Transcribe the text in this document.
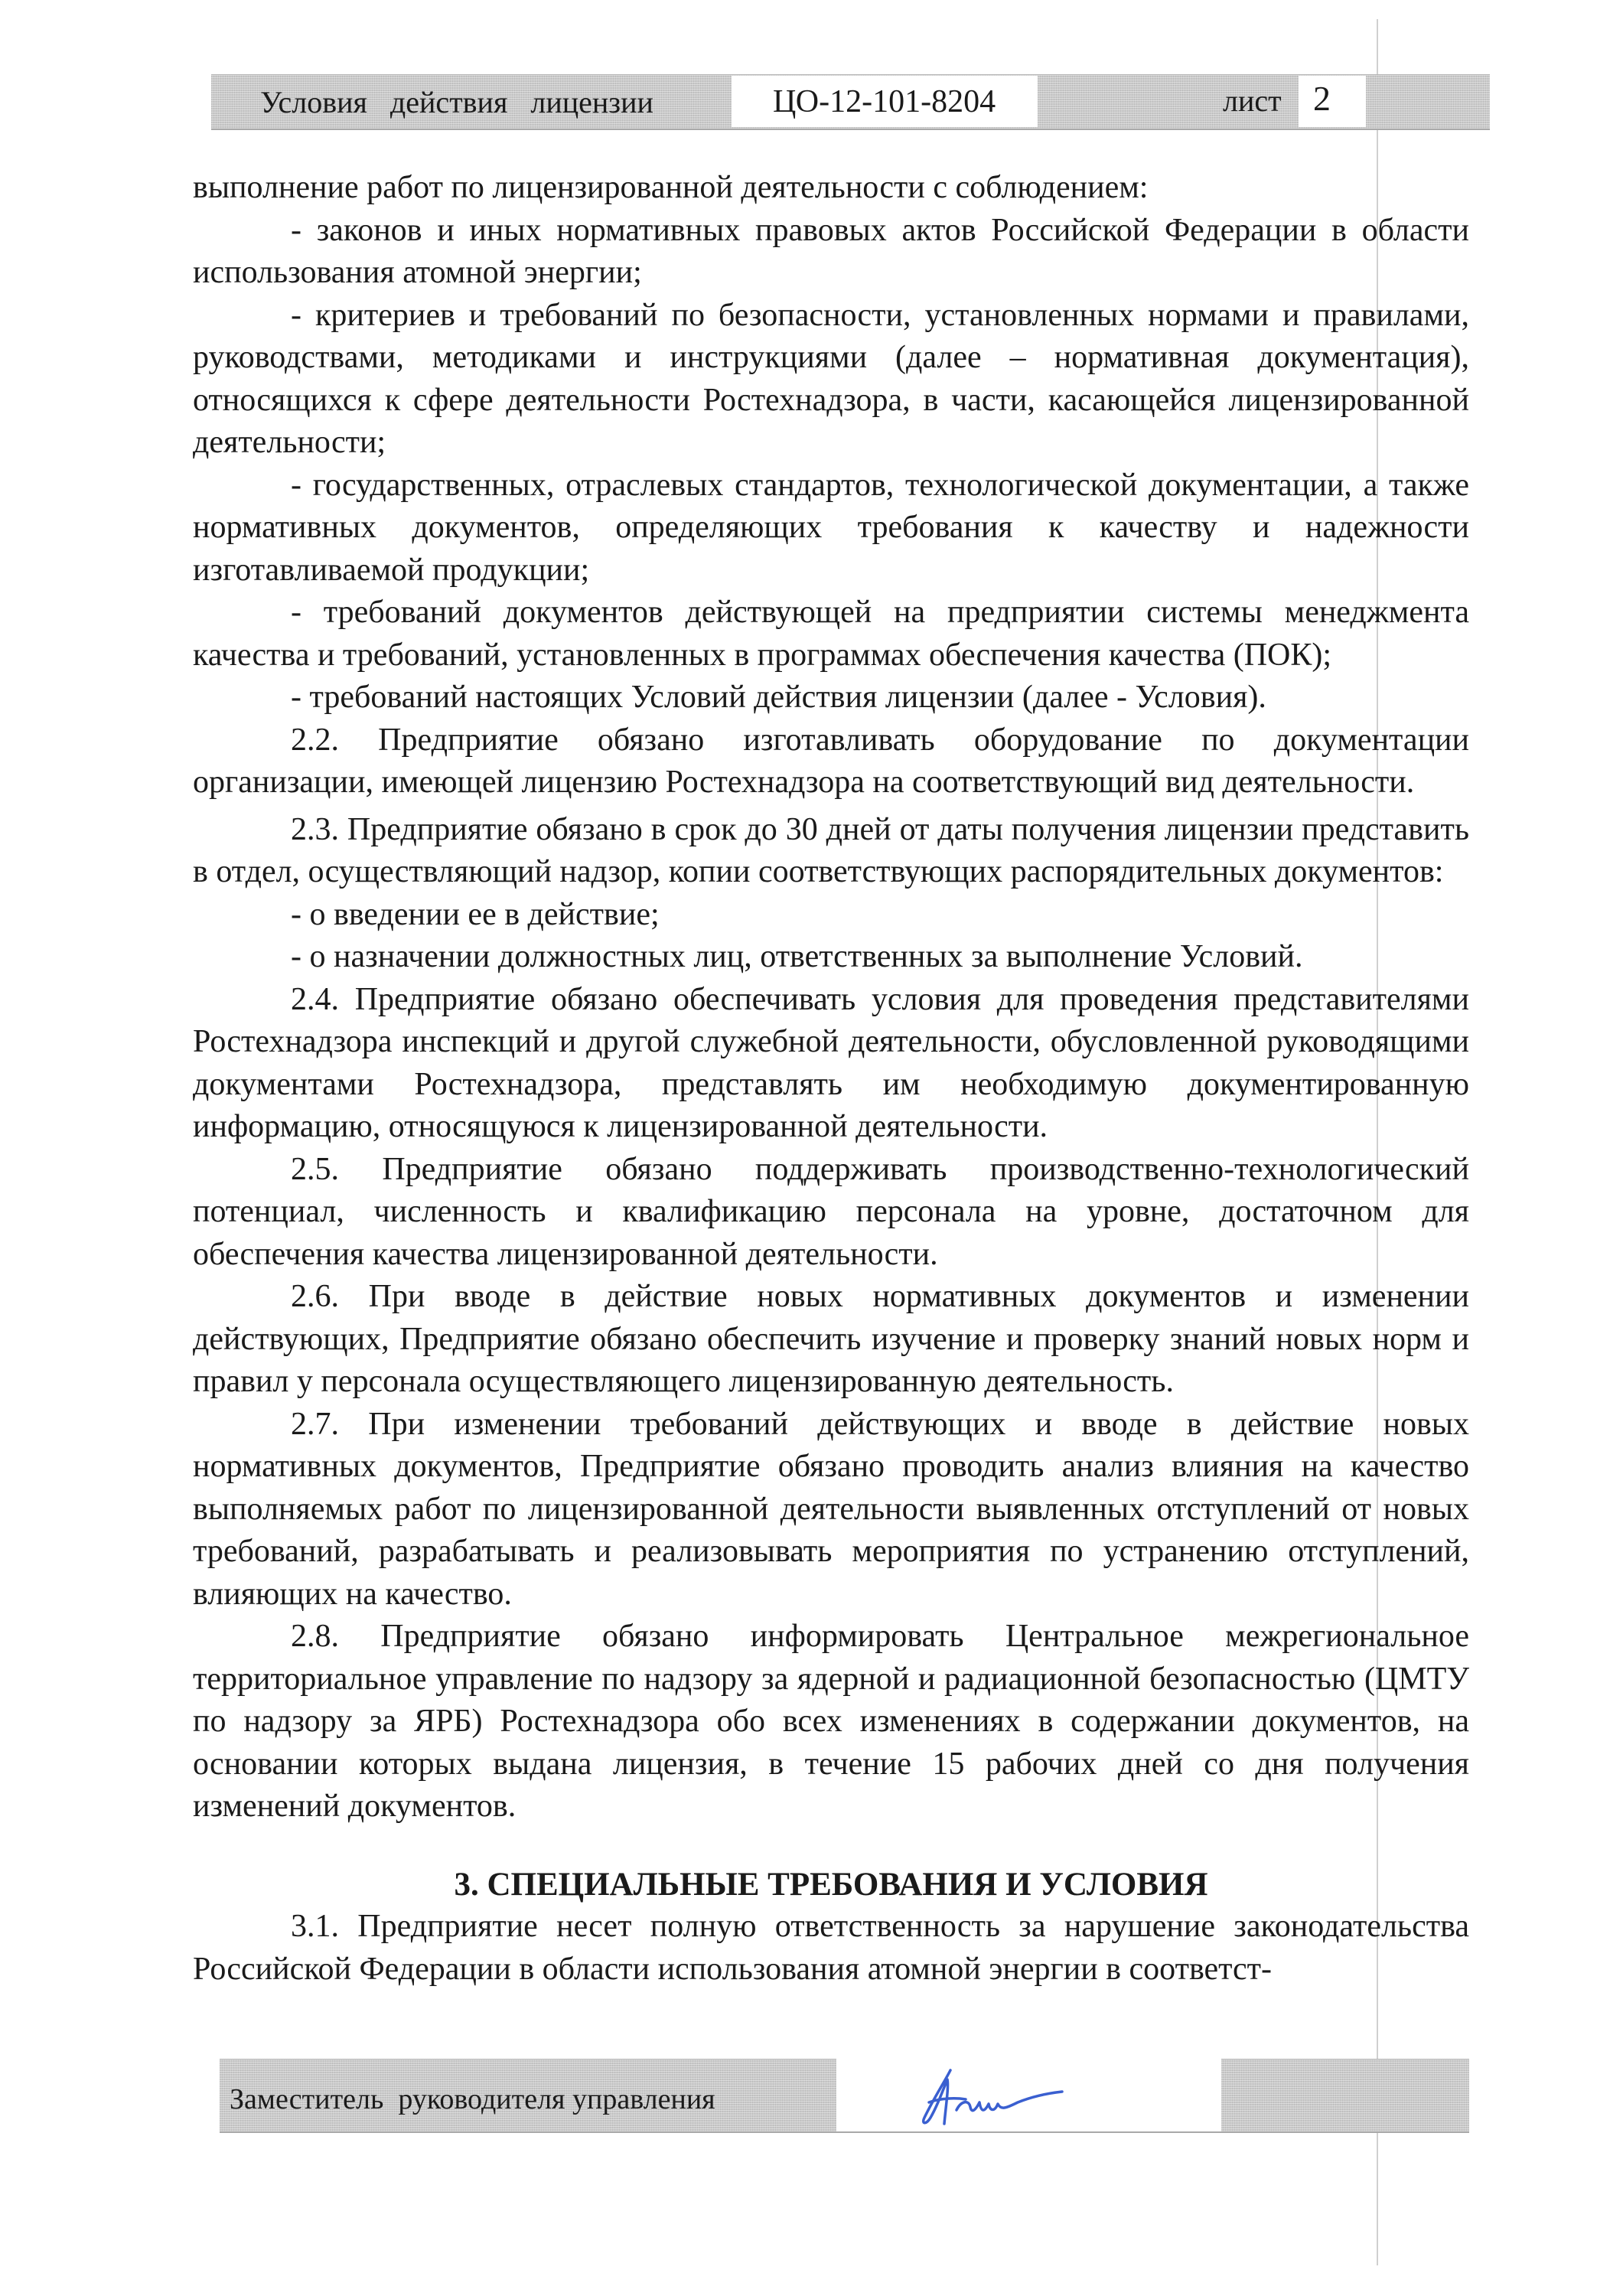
Условия   действия   лицензии	ЦО-12-101-8204	лист 2

выполнение работ по лицензированной деятельности с соблюдением:

- законов и иных нормативных правовых актов Российской Федерации в области использования атомной энергии;

- критериев и требований по безопасности, установленных нормами и правилами, руководствами, методиками и инструкциями (далее – нормативная документация), относящихся к сфере деятельности Ростехнадзора, в части, касающейся лицензированной деятельности;

- государственных, отраслевых стандартов, технологической документации, а также нормативных документов, определяющих требования к качеству и надежности изготавливаемой продукции;

- требований документов действующей на предприятии системы менеджмента качества и требований, установленных в программах обеспечения качества (ПОК);

- требований настоящих Условий действия лицензии (далее - Условия).

2.2. Предприятие обязано изготавливать оборудование по документации организации, имеющей лицензию Ростехнадзора на соответствующий вид деятельности.

2.3. Предприятие обязано в срок до 30 дней от даты получения лицензии представить в отдел, осуществляющий надзор, копии соответствующих распорядительных документов:

- о введении ее в действие;

- о назначении должностных лиц, ответственных за выполнение Условий.

2.4. Предприятие обязано обеспечивать условия для проведения представителями Ростехнадзора инспекций и другой служебной деятельности, обусловленной руководящими документами Ростехнадзора, представлять им необходимую документированную информацию, относящуюся к лицензированной деятельности.

2.5. Предприятие обязано поддерживать производственно-технологический потенциал, численность и квалификацию персонала на уровне, достаточном для обеспечения качества лицензированной деятельности.

2.6. При вводе в действие новых нормативных документов и изменении действующих, Предприятие обязано обеспечить изучение и проверку знаний новых норм и правил у персонала осуществляющего лицензированную деятельность.

2.7. При изменении требований действующих и вводе в действие новых нормативных документов, Предприятие обязано проводить анализ влияния на качество выполняемых работ по лицензированной деятельности выявленных отступлений от новых требований, разрабатывать и реализовывать мероприятия по устранению отступлений, влияющих на качество.

2.8. Предприятие обязано информировать Центральное межрегиональное территориальное управление по надзору за ядерной и радиационной безопасностью (ЦМТУ по надзору за ЯРБ) Ростехнадзора обо всех изменениях в содержании документов, на основании которых выдана лицензия, в течение 15 рабочих дней со дня получения изменений документов.

3. СПЕЦИАЛЬНЫЕ ТРЕБОВАНИЯ И УСЛОВИЯ

3.1. Предприятие несет полную ответственность за нарушение законодательства Российской Федерации в области использования атомной энергии в соответст-

Заместитель  руководителя управления
